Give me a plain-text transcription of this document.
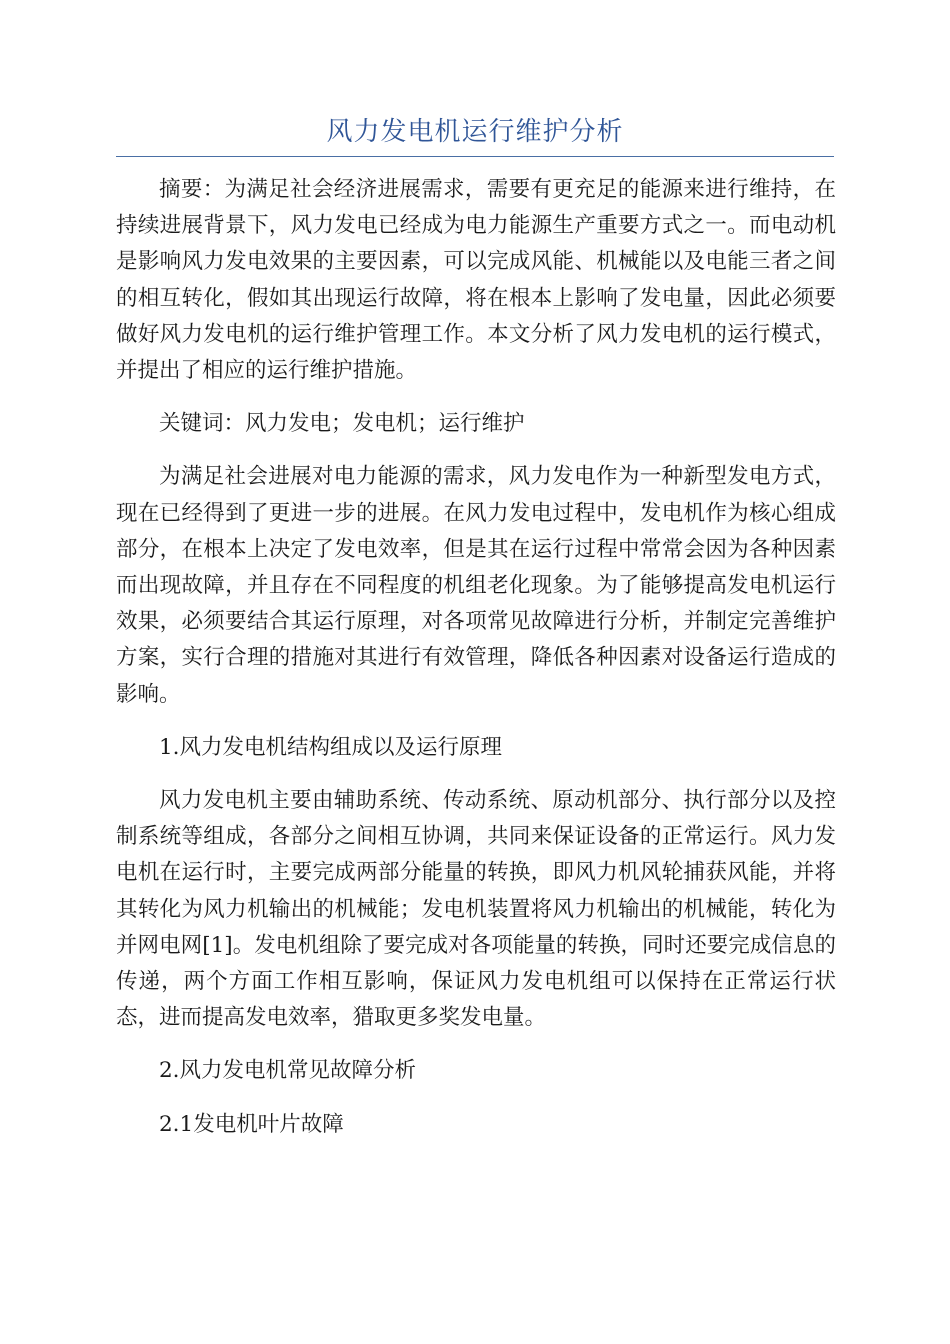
风力发电机运行维护分析

摘要：为满足社会经济进展需求，需要有更充足的能源来进行维持，在持续进展背景下，风力发电已经成为电力能源生产重要方式之一。而电动机是影响风力发电效果的主要因素，可以完成风能、机械能以及电能三者之间的相互转化，假如其出现运行故障，将在根本上影响了发电量，因此必须要做好风力发电机的运行维护管理工作。本文分析了风力发电机的运行模式，并提出了相应的运行维护措施。

关键词：风力发电；发电机；运行维护

为满足社会进展对电力能源的需求，风力发电作为一种新型发电方式，现在已经得到了更进一步的进展。在风力发电过程中，发电机作为核心组成部分，在根本上决定了发电效率，但是其在运行过程中常常会因为各种因素而出现故障，并且存在不同程度的机组老化现象。为了能够提高发电机运行效果，必须要结合其运行原理，对各项常见故障进行分析，并制定完善维护方案，实行合理的措施对其进行有效管理，降低各种因素对设备运行造成的影响。

1.风力发电机结构组成以及运行原理

风力发电机主要由辅助系统、传动系统、原动机部分、执行部分以及控制系统等组成，各部分之间相互协调，共同来保证设备的正常运行。风力发电机在运行时，主要完成两部分能量的转换，即风力机风轮捕获风能，并将其转化为风力机输出的机械能；发电机装置将风力机输出的机械能，转化为并网电网[1]。发电机组除了要完成对各项能量的转换，同时还要完成信息的传递，两个方面工作相互影响，保证风力发电机组可以保持在正常运行状态，进而提高发电效率，猎取更多奖发电量。

2.风力发电机常见故障分析

2.1发电机叶片故障
